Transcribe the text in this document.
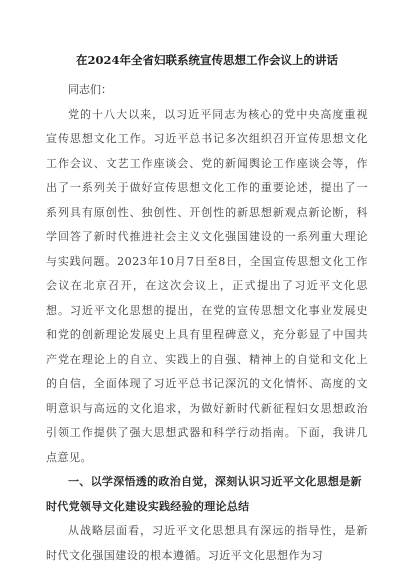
在2024年全省妇联系统宣传思想工作会议上的讲话

同志们：

党的十八大以来，以习近平同志为核心的党中央高度重视宣传思想文化工作。习近平总书记多次组织召开宣传思想文化工作会议、文艺工作座谈会、党的新闻舆论工作座谈会等，作出了一系列关于做好宣传思想文化工作的重要论述，提出了一系列具有原创性、独创性、开创性的新思想新观点新论断，科学回答了新时代推进社会主义文化强国建设的一系列重大理论与实践问题。2023年10月7日至8日，全国宣传思想文化工作会议在北京召开，在这次会议上，正式提出了习近平文化思想。习近平文化思想的提出，在党的宣传思想文化事业发展史和党的创新理论发展史上具有里程碑意义，充分彰显了中国共产党在理论上的自立、实践上的自强、精神上的自觉和文化上的自信，全面体现了习近平总书记深沉的文化情怀、高度的文明意识与高远的文化追求，为做好新时代新征程妇女思想政治引领工作提供了强大思想武器和科学行动指南。下面，我讲几点意见。

一、以学深悟透的政治自觉，深刻认识习近平文化思想是新时代党领导文化建设实践经验的理论总结

从战略层面看，习近平文化思想具有深远的指导性，是新时代文化强国建设的根本遵循。习近平文化思想作为习
